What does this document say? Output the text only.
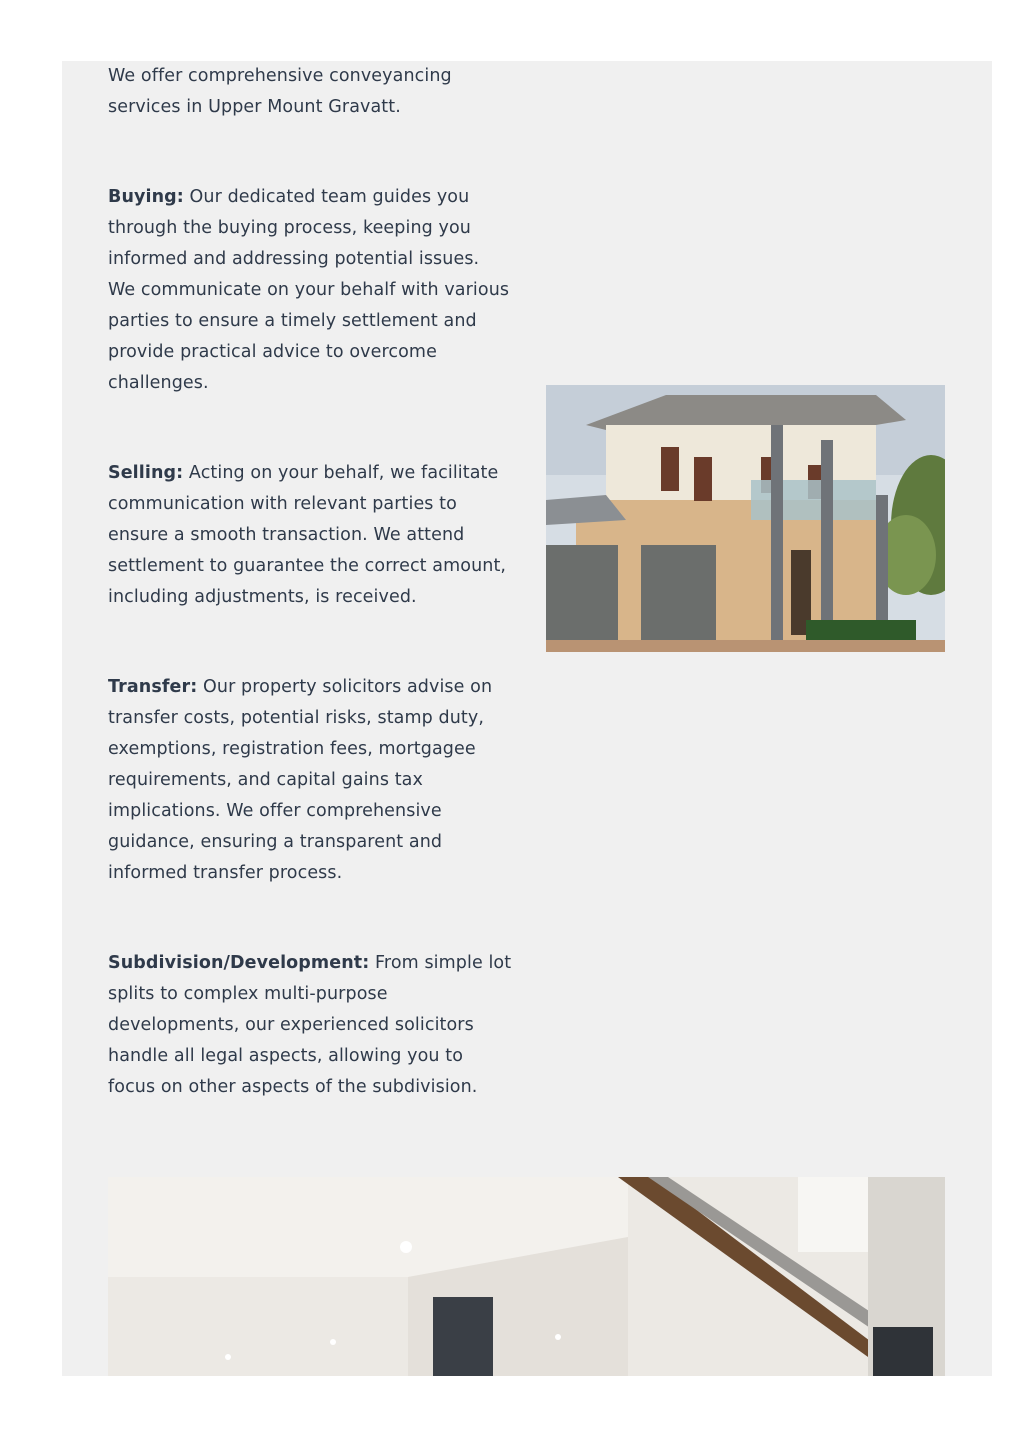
We offer comprehensive conveyancing services in Upper Mount Gravatt.

Buying: Our dedicated team guides you through the buying process, keeping you informed and addressing potential issues. We communicate on your behalf with various parties to ensure a timely settlement and provide practical advice to overcome challenges.

Selling: Acting on your behalf, we facilitate communication with relevant parties to ensure a smooth transaction. We attend settlement to guarantee the correct amount, including adjustments, is received.

Transfer: Our property solicitors advise on transfer costs, potential risks, stamp duty, exemptions, registration fees, mortgagee requirements, and capital gains tax implications. We offer comprehensive guidance, ensuring a transparent and informed transfer process.

Subdivision/Development: From simple lot splits to complex multi-purpose developments, our experienced solicitors handle all legal aspects, allowing you to focus on other aspects of the subdivision.
